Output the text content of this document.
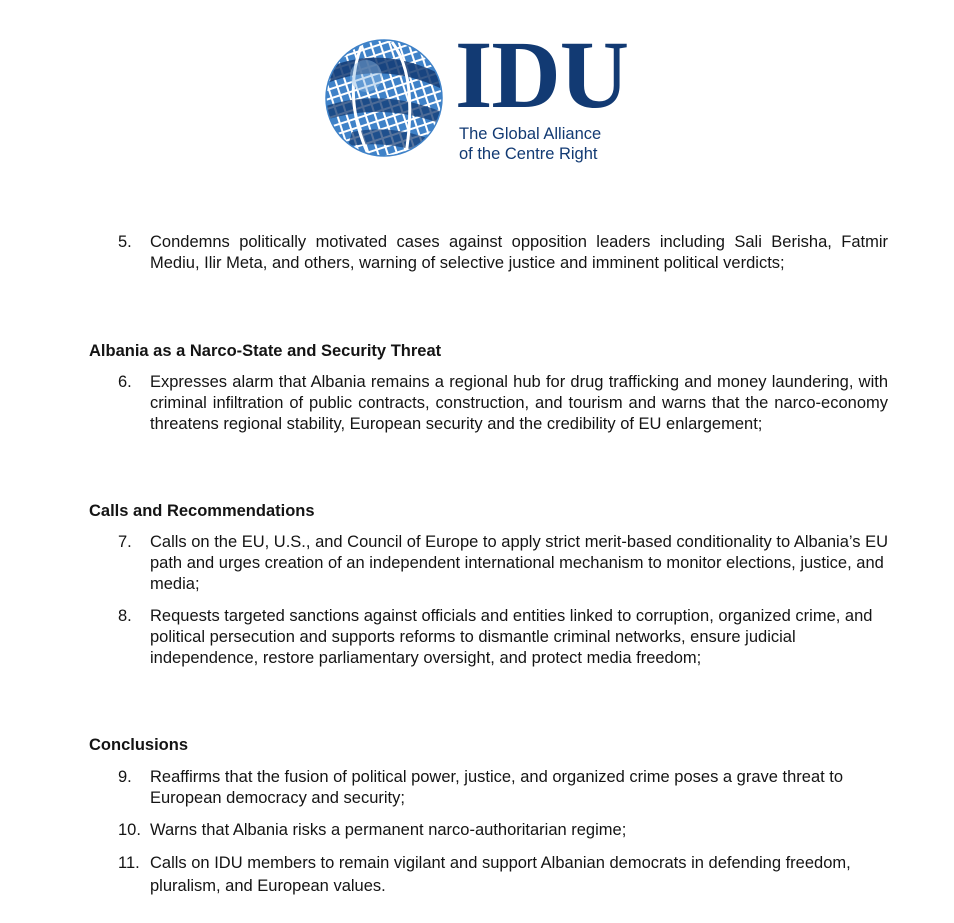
IDU
The Global Alliance
of the Centre Right
5.	Condemns politically motivated cases against opposition leaders including Sali Berisha, Fatmir Mediu, Ilir Meta, and others, warning of selective justice and imminent political verdicts;
Albania as a Narco-State and Security Threat
6.	Expresses alarm that Albania remains a regional hub for drug trafficking and money laundering, with criminal infiltration of public contracts, construction, and tourism and warns that the narco-economy threatens regional stability, European security and the credibility of EU enlargement;
Calls and Recommendations
7.	Calls on the EU, U.S., and Council of Europe to apply strict merit-based conditionality to Albania’s EU path and urges creation of an independent international mechanism to monitor elections, justice, and media;
8.	Requests targeted sanctions against officials and entities linked to corruption, organized crime, and political persecution and supports reforms to dismantle criminal networks, ensure judicial independence, restore parliamentary oversight, and protect media freedom;
Conclusions
9.	Reaffirms that the fusion of political power, justice, and organized crime poses a grave threat to European democracy and security;
10. Warns that Albania risks a permanent narco-authoritarian regime;
11. Calls on IDU members to remain vigilant and support Albanian democrats in defending freedom, pluralism, and European values.
